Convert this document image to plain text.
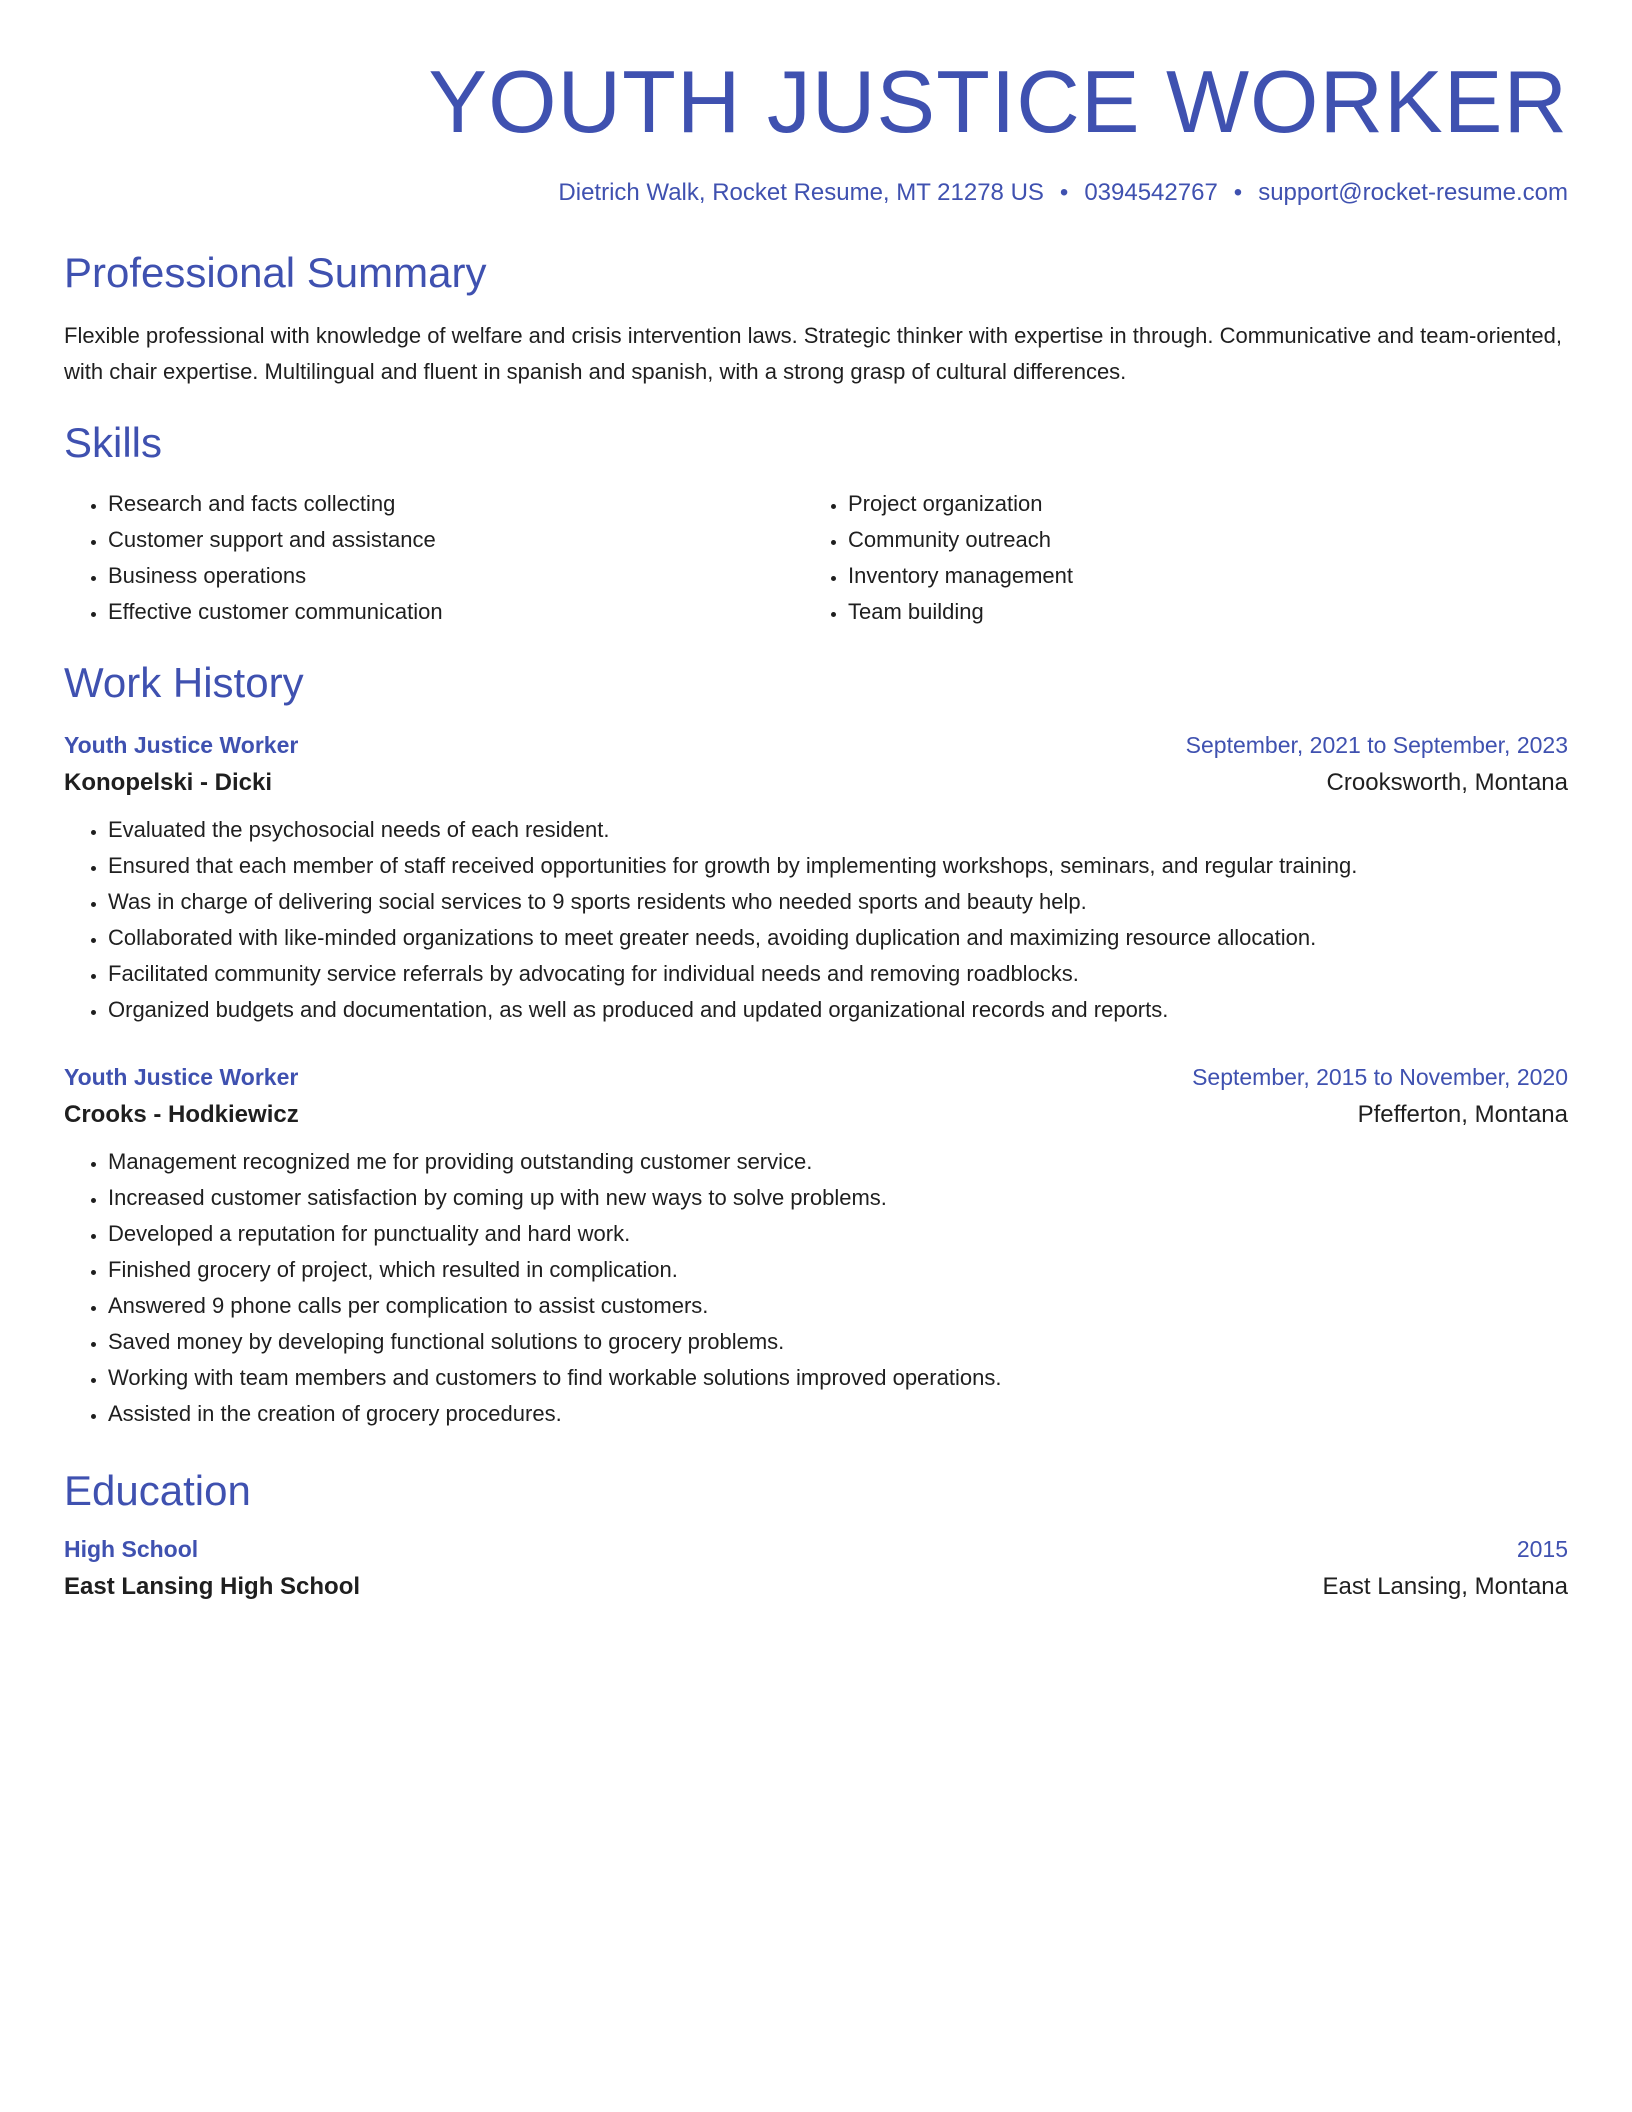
YOUTH JUSTICE WORKER
Dietrich Walk, Rocket Resume, MT 21278 US • 0394542767 • support@rocket-resume.com
Professional Summary
Flexible professional with knowledge of welfare and crisis intervention laws. Strategic thinker with expertise in through. Communicative and team-oriented, with chair expertise. Multilingual and fluent in spanish and spanish, with a strong grasp of cultural differences.
Skills
• Research and facts collecting
• Customer support and assistance
• Business operations
• Effective customer communication
• Project organization
• Community outreach
• Inventory management
• Team building
Work History
Youth Justice Worker	September, 2021 to September, 2023
Konopelski - Dicki	Crooksworth, Montana
• Evaluated the psychosocial needs of each resident.
• Ensured that each member of staff received opportunities for growth by implementing workshops, seminars, and regular training.
• Was in charge of delivering social services to 9 sports residents who needed sports and beauty help.
• Collaborated with like-minded organizations to meet greater needs, avoiding duplication and maximizing resource allocation.
• Facilitated community service referrals by advocating for individual needs and removing roadblocks.
• Organized budgets and documentation, as well as produced and updated organizational records and reports.
Youth Justice Worker	September, 2015 to November, 2020
Crooks - Hodkiewicz	Pfefferton, Montana
• Management recognized me for providing outstanding customer service.
• Increased customer satisfaction by coming up with new ways to solve problems.
• Developed a reputation for punctuality and hard work.
• Finished grocery of project, which resulted in complication.
• Answered 9 phone calls per complication to assist customers.
• Saved money by developing functional solutions to grocery problems.
• Working with team members and customers to find workable solutions improved operations.
• Assisted in the creation of grocery procedures.
Education
High School	2015
East Lansing High School	East Lansing, Montana
